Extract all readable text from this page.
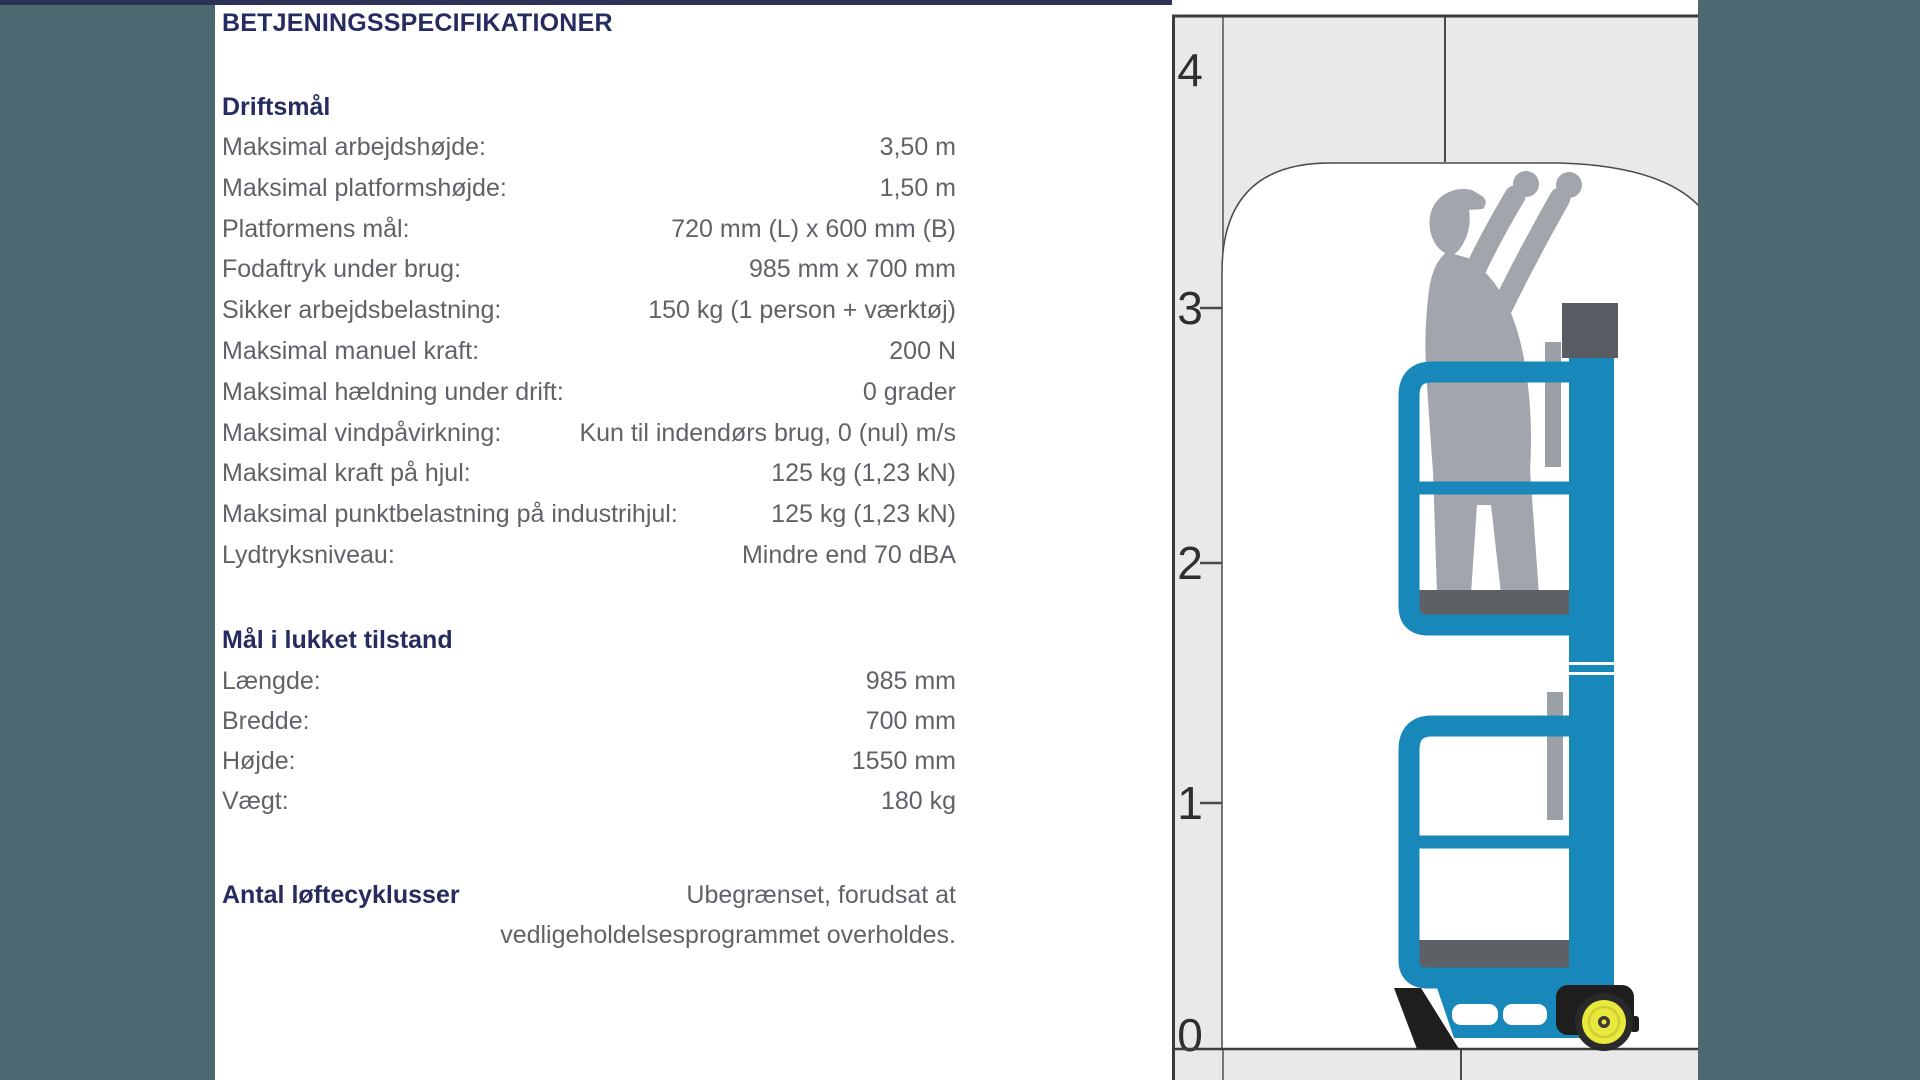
BETJENINGSSPECIFIKATIONER
Driftsmål
Maksimal arbejdshøjde:	3,50 m
Maksimal platformshøjde:	1,50 m
Platformens mål:	720 mm (L) x 600 mm (B)
Fodaftryk under brug:	985 mm x 700 mm
Sikker arbejdsbelastning:	150 kg (1 person + værktøj)
Maksimal manuel kraft:	200 N
Maksimal hældning under drift:	0 grader
Maksimal vindpåvirkning:	Kun til indendørs brug, 0 (nul) m/s
Maksimal kraft på hjul:	125 kg (1,23 kN)
Maksimal punktbelastning på industrihjul:	125 kg (1,23 kN)
Lydtryksniveau:	Mindre end 70 dBA
Mål i lukket tilstand
Længde:	985 mm
Bredde:	700 mm
Højde:	1550 mm
Vægt:	180 kg
Antal løftecyklusser	Ubegrænset, forudsat at
vedligeholdelsesprogrammet overholdes.
4
3
2
1
0
